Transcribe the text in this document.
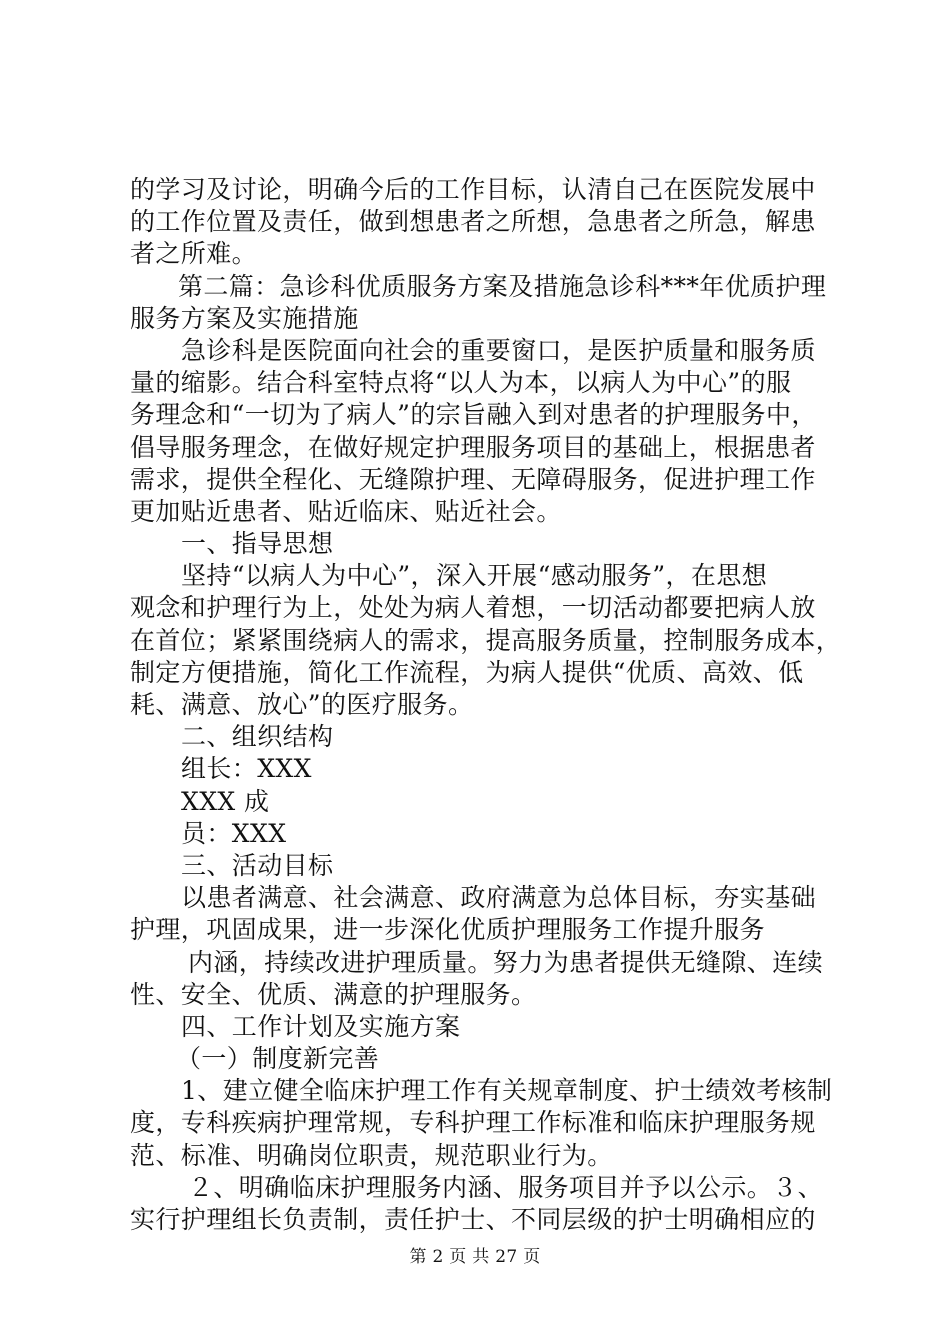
的学习及讨论，明确今后的工作目标，认清自己在医院发展中
的工作位置及责任，做到想患者之所想，急患者之所急，解患
者之所难。
第二篇：急诊科优质服务方案及措施急诊科***年优质护理
服务方案及实施措施
急诊科是医院面向社会的重要窗口，是医护质量和服务质
量的缩影。结合科室特点将“以人为本，以病人为中心”的服
务理念和“一切为了病人”的宗旨融入到对患者的护理服务中，
倡导服务理念，在做好规定护理服务项目的基础上，根据患者
需求，提供全程化、无缝隙护理、无障碍服务，促进护理工作
更加贴近患者、贴近临床、贴近社会。
一、指导思想
坚持“以病人为中心”，深入开展“感动服务”，在思想
观念和护理行为上，处处为病人着想，一切活动都要把病人放
在首位；紧紧围绕病人的需求，提高服务质量，控制服务成本，
制定方便措施，简化工作流程，为病人提供“优质、高效、低
耗、满意、放心”的医疗服务。
二、组织结构
组长：XXX
XXX 成
员：XXX
三、活动目标
以患者满意、社会满意、政府满意为总体目标，夯实基础
护理，巩固成果，进一步深化优质护理服务工作提升服务
内涵，持续改进护理质量。努力为患者提供无缝隙、连续
性、安全、优质、满意的护理服务。
四、工作计划及实施方案
（一）制度新完善
1、建立健全临床护理工作有关规章制度、护士绩效考核制
度，专科疾病护理常规，专科护理工作标准和临床护理服务规
范、标准、明确岗位职责，规范职业行为。
２、明确临床护理服务内涵、服务项目并予以公示。３、
实行护理组长负责制，责任护士、不同层级的护士明确相应的
第 2 页 共 27 页
